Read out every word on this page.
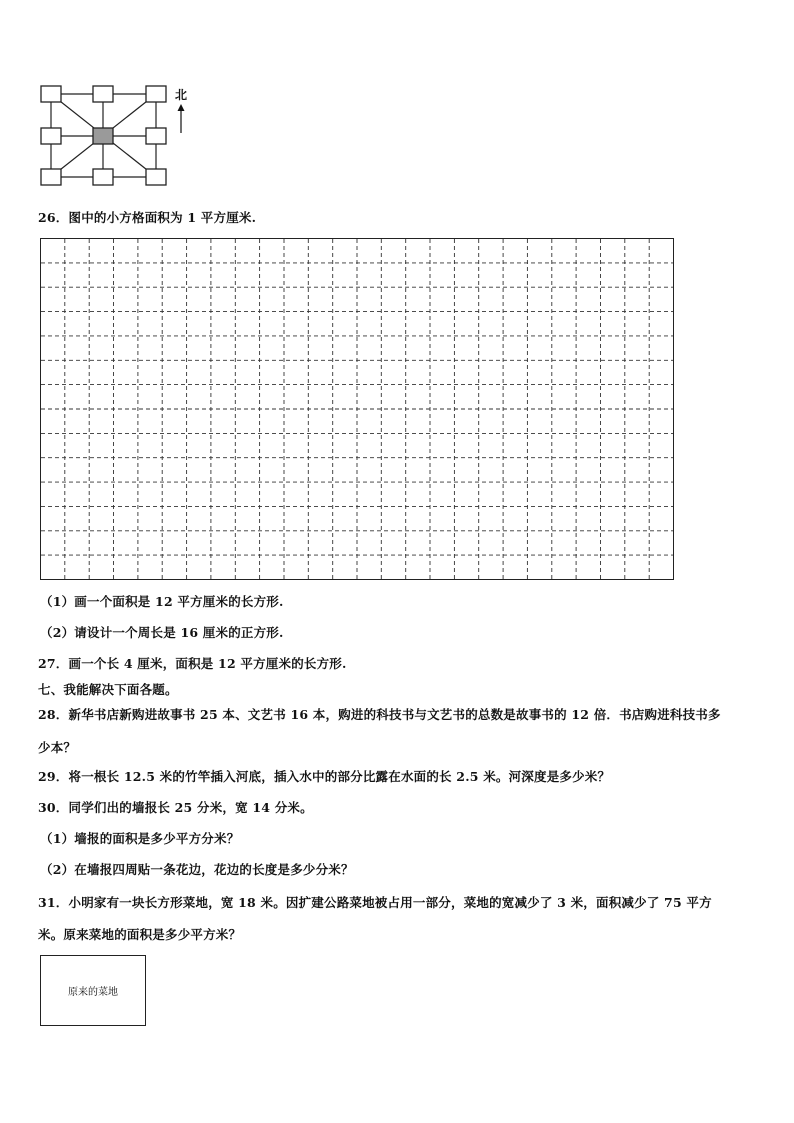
北
26．图中的小方格面积为 1 平方厘米.
（1）画一个面积是 12 平方厘米的长方形.
（2）请设计一个周长是 16 厘米的正方形.
27．画一个长 4 厘米，面积是 12 平方厘米的长方形.
七、我能解决下面各题。
28．新华书店新购进故事书 25 本、文艺书 16 本，购进的科技书与文艺书的总数是故事书的 12 倍．书店购进科技书多
少本？
29．将一根长 12.5 米的竹竿插入河底，插入水中的部分比露在水面的长 2.5 米。河深度是多少米？
30．同学们出的墙报长 25 分米，宽 14 分米。
（1）墙报的面积是多少平方分米？
（2）在墙报四周贴一条花边，花边的长度是多少分米？
31．小明家有一块长方形菜地，宽 18 米。因扩建公路菜地被占用一部分，菜地的宽减少了 3 米，面积减少了 75 平方
米。原来菜地的面积是多少平方米？
原来的菜地
